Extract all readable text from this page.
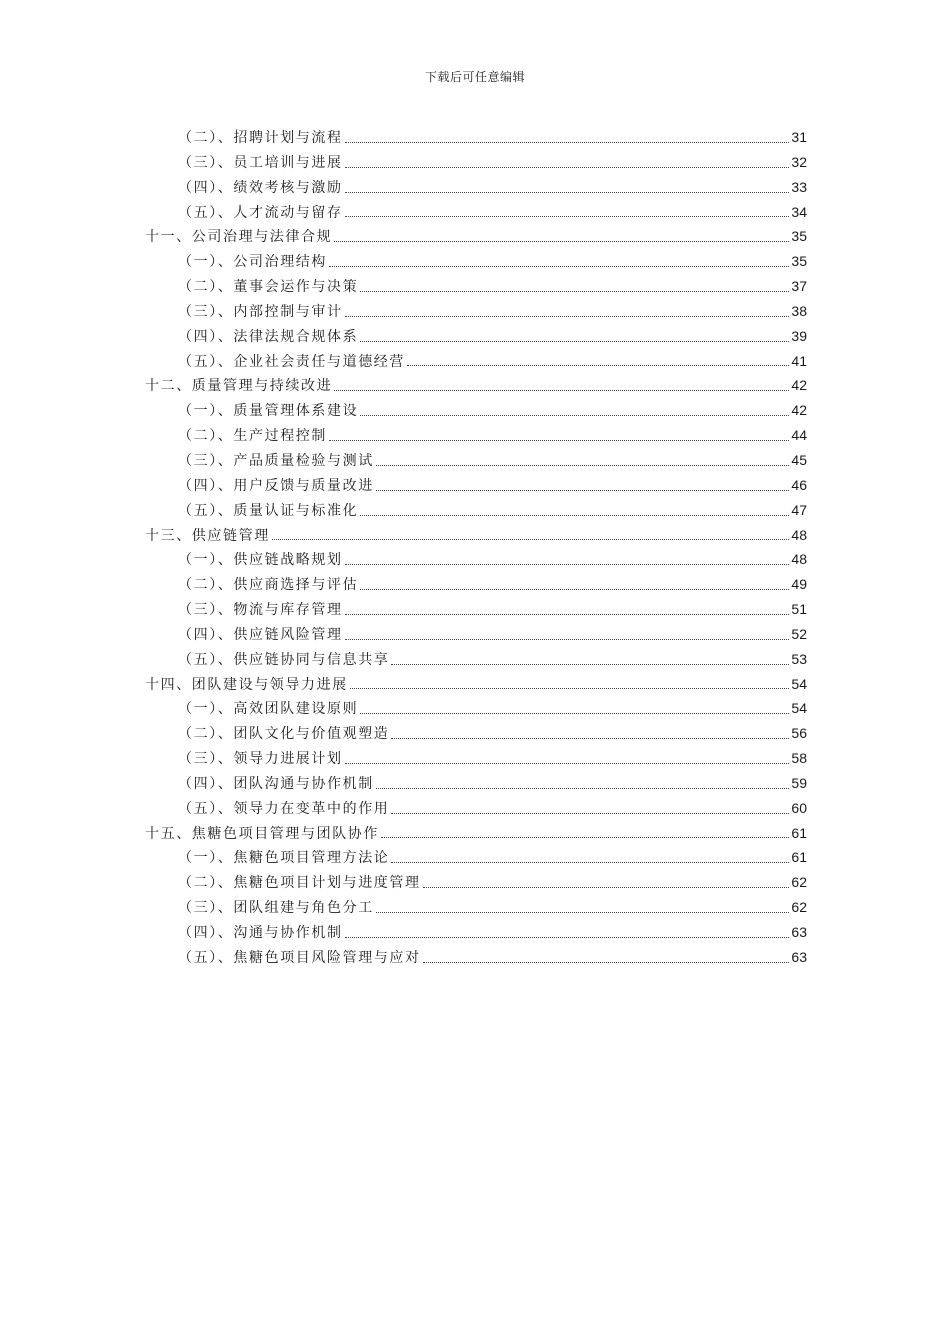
下载后可任意编辑
（二）、招聘计划与流程	31
（三）、员工培训与进展	32
（四）、绩效考核与激励	33
（五）、人才流动与留存	34
十一、公司治理与法律合规	35
（一）、公司治理结构	35
（二）、董事会运作与决策	37
（三）、内部控制与审计	38
（四）、法律法规合规体系	39
（五）、企业社会责任与道德经营	41
十二、质量管理与持续改进	42
（一）、质量管理体系建设	42
（二）、生产过程控制	44
（三）、产品质量检验与测试	45
（四）、用户反馈与质量改进	46
（五）、质量认证与标准化	47
十三、供应链管理	48
（一）、供应链战略规划	48
（二）、供应商选择与评估	49
（三）、物流与库存管理	51
（四）、供应链风险管理	52
（五）、供应链协同与信息共享	53
十四、团队建设与领导力进展	54
（一）、高效团队建设原则	54
（二）、团队文化与价值观塑造	56
（三）、领导力进展计划	58
（四）、团队沟通与协作机制	59
（五）、领导力在变革中的作用	60
十五、焦糖色项目管理与团队协作	61
（一）、焦糖色项目管理方法论	61
（二）、焦糖色项目计划与进度管理	62
（三）、团队组建与角色分工	62
（四）、沟通与协作机制	63
（五）、焦糖色项目风险管理与应对	63
